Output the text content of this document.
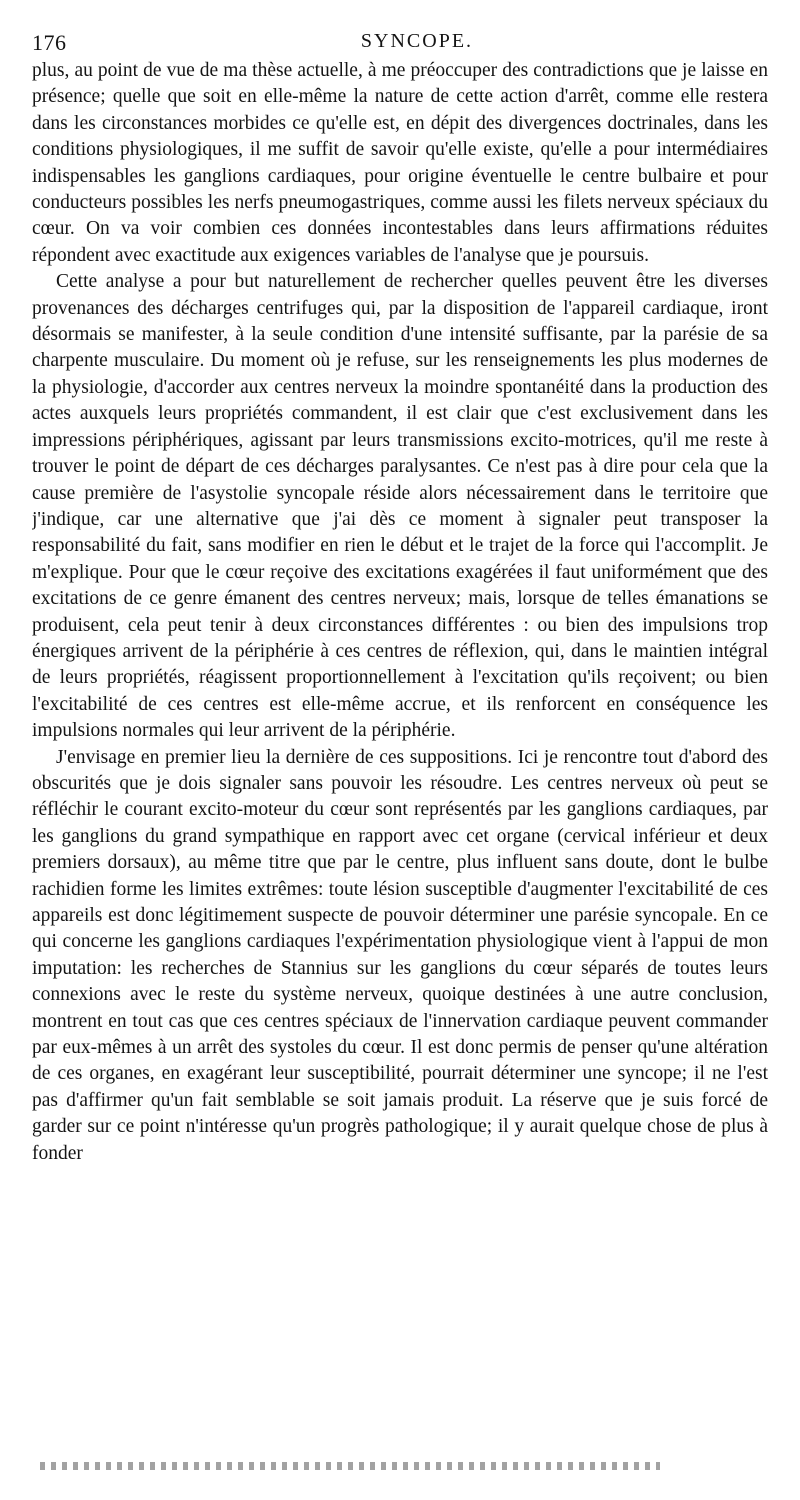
176	SYNCOPE.

plus, au point de vue de ma thèse actuelle, à me préoccuper des contradictions que je laisse en présence; quelle que soit en elle-même la nature de cette action d'arrêt, comme elle restera dans les circonstances morbides ce qu'elle est, en dépit des divergences doctrinales, dans les conditions physiologiques, il me suffit de savoir qu'elle existe, qu'elle a pour intermédiaires indispensables les ganglions cardiaques, pour origine éventuelle le centre bulbaire et pour conducteurs possibles les nerfs pneumogastriques, comme aussi les filets nerveux spéciaux du cœur. On va voir combien ces données incontestables dans leurs affirmations réduites répondent avec exactitude aux exigences variables de l'analyse que je poursuis.

Cette analyse a pour but naturellement de rechercher quelles peuvent être les diverses provenances des décharges centrifuges qui, par la disposition de l'appareil cardiaque, iront désormais se manifester, à la seule condition d'une intensité suffisante, par la parésie de sa charpente musculaire. Du moment où je refuse, sur les renseignements les plus modernes de la physiologie, d'accorder aux centres nerveux la moindre spontanéité dans la production des actes auxquels leurs propriétés commandent, il est clair que c'est exclusivement dans les impressions périphériques, agissant par leurs transmissions excito-motrices, qu'il me reste à trouver le point de départ de ces décharges paralysantes. Ce n'est pas à dire pour cela que la cause première de l'asystolie syncopale réside alors nécessairement dans le territoire que j'indique, car une alternative que j'ai dès ce moment à signaler peut transposer la responsabilité du fait, sans modifier en rien le début et le trajet de la force qui l'accomplit. Je m'explique. Pour que le cœur reçoive des excitations exagérées il faut uniformément que des excitations de ce genre émanent des centres nerveux; mais, lorsque de telles émanations se produisent, cela peut tenir à deux circonstances différentes : ou bien des impulsions trop énergiques arrivent de la périphérie à ces centres de réflexion, qui, dans le maintien intégral de leurs propriétés, réagissent proportionnellement à l'excitation qu'ils reçoivent; ou bien l'excitabilité de ces centres est elle-même accrue, et ils renforcent en conséquence les impulsions normales qui leur arrivent de la périphérie.

J'envisage en premier lieu la dernière de ces suppositions. Ici je rencontre tout d'abord des obscurités que je dois signaler sans pouvoir les résoudre. Les centres nerveux où peut se réfléchir le courant excito-moteur du cœur sont représentés par les ganglions cardiaques, par les ganglions du grand sympathique en rapport avec cet organe (cervical inférieur et deux premiers dorsaux), au même titre que par le centre, plus influent sans doute, dont le bulbe rachidien forme les limites extrêmes: toute lésion susceptible d'augmenter l'excitabilité de ces appareils est donc légitimement suspecte de pouvoir déterminer une parésie syncopale. En ce qui concerne les ganglions cardiaques l'expérimentation physiologique vient à l'appui de mon imputation: les recherches de Stannius sur les ganglions du cœur séparés de toutes leurs connexions avec le reste du système nerveux, quoique destinées à une autre conclusion, montrent en tout cas que ces centres spéciaux de l'innervation cardiaque peuvent commander par eux-mêmes à un arrêt des systoles du cœur. Il est donc permis de penser qu'une altération de ces organes, en exagérant leur susceptibilité, pourrait déterminer une syncope; il ne l'est pas d'affirmer qu'un fait semblable se soit jamais produit. La réserve que je suis forcé de garder sur ce point n'intéresse qu'un progrès pathologique; il y aurait quelque chose de plus à fonder
